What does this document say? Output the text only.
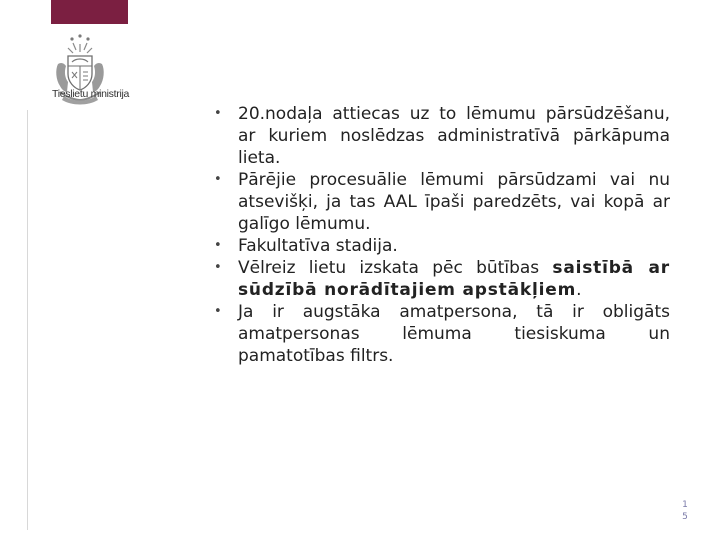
Tieslietu ministrija
• 20.nodaļa attiecas uz to lēmumu pārsūdzēšanu, ar kuriem noslēdzas administratīvā pārkāpuma lieta.
• Pārējie procesuālie lēmumi pārsūdzami vai nu atsevišķi, ja tas AAL īpaši paredzēts, vai kopā ar galīgo lēmumu.
• Fakultatīva stadija.
• Vēlreiz lietu izskata pēc būtības saistībā ar sūdzībā norādītajiem apstākļiem.
• Ja ir augstāka amatpersona, tā ir obligāts amatpersonas lēmuma tiesiskuma un pamatotības filtrs.
1
5
